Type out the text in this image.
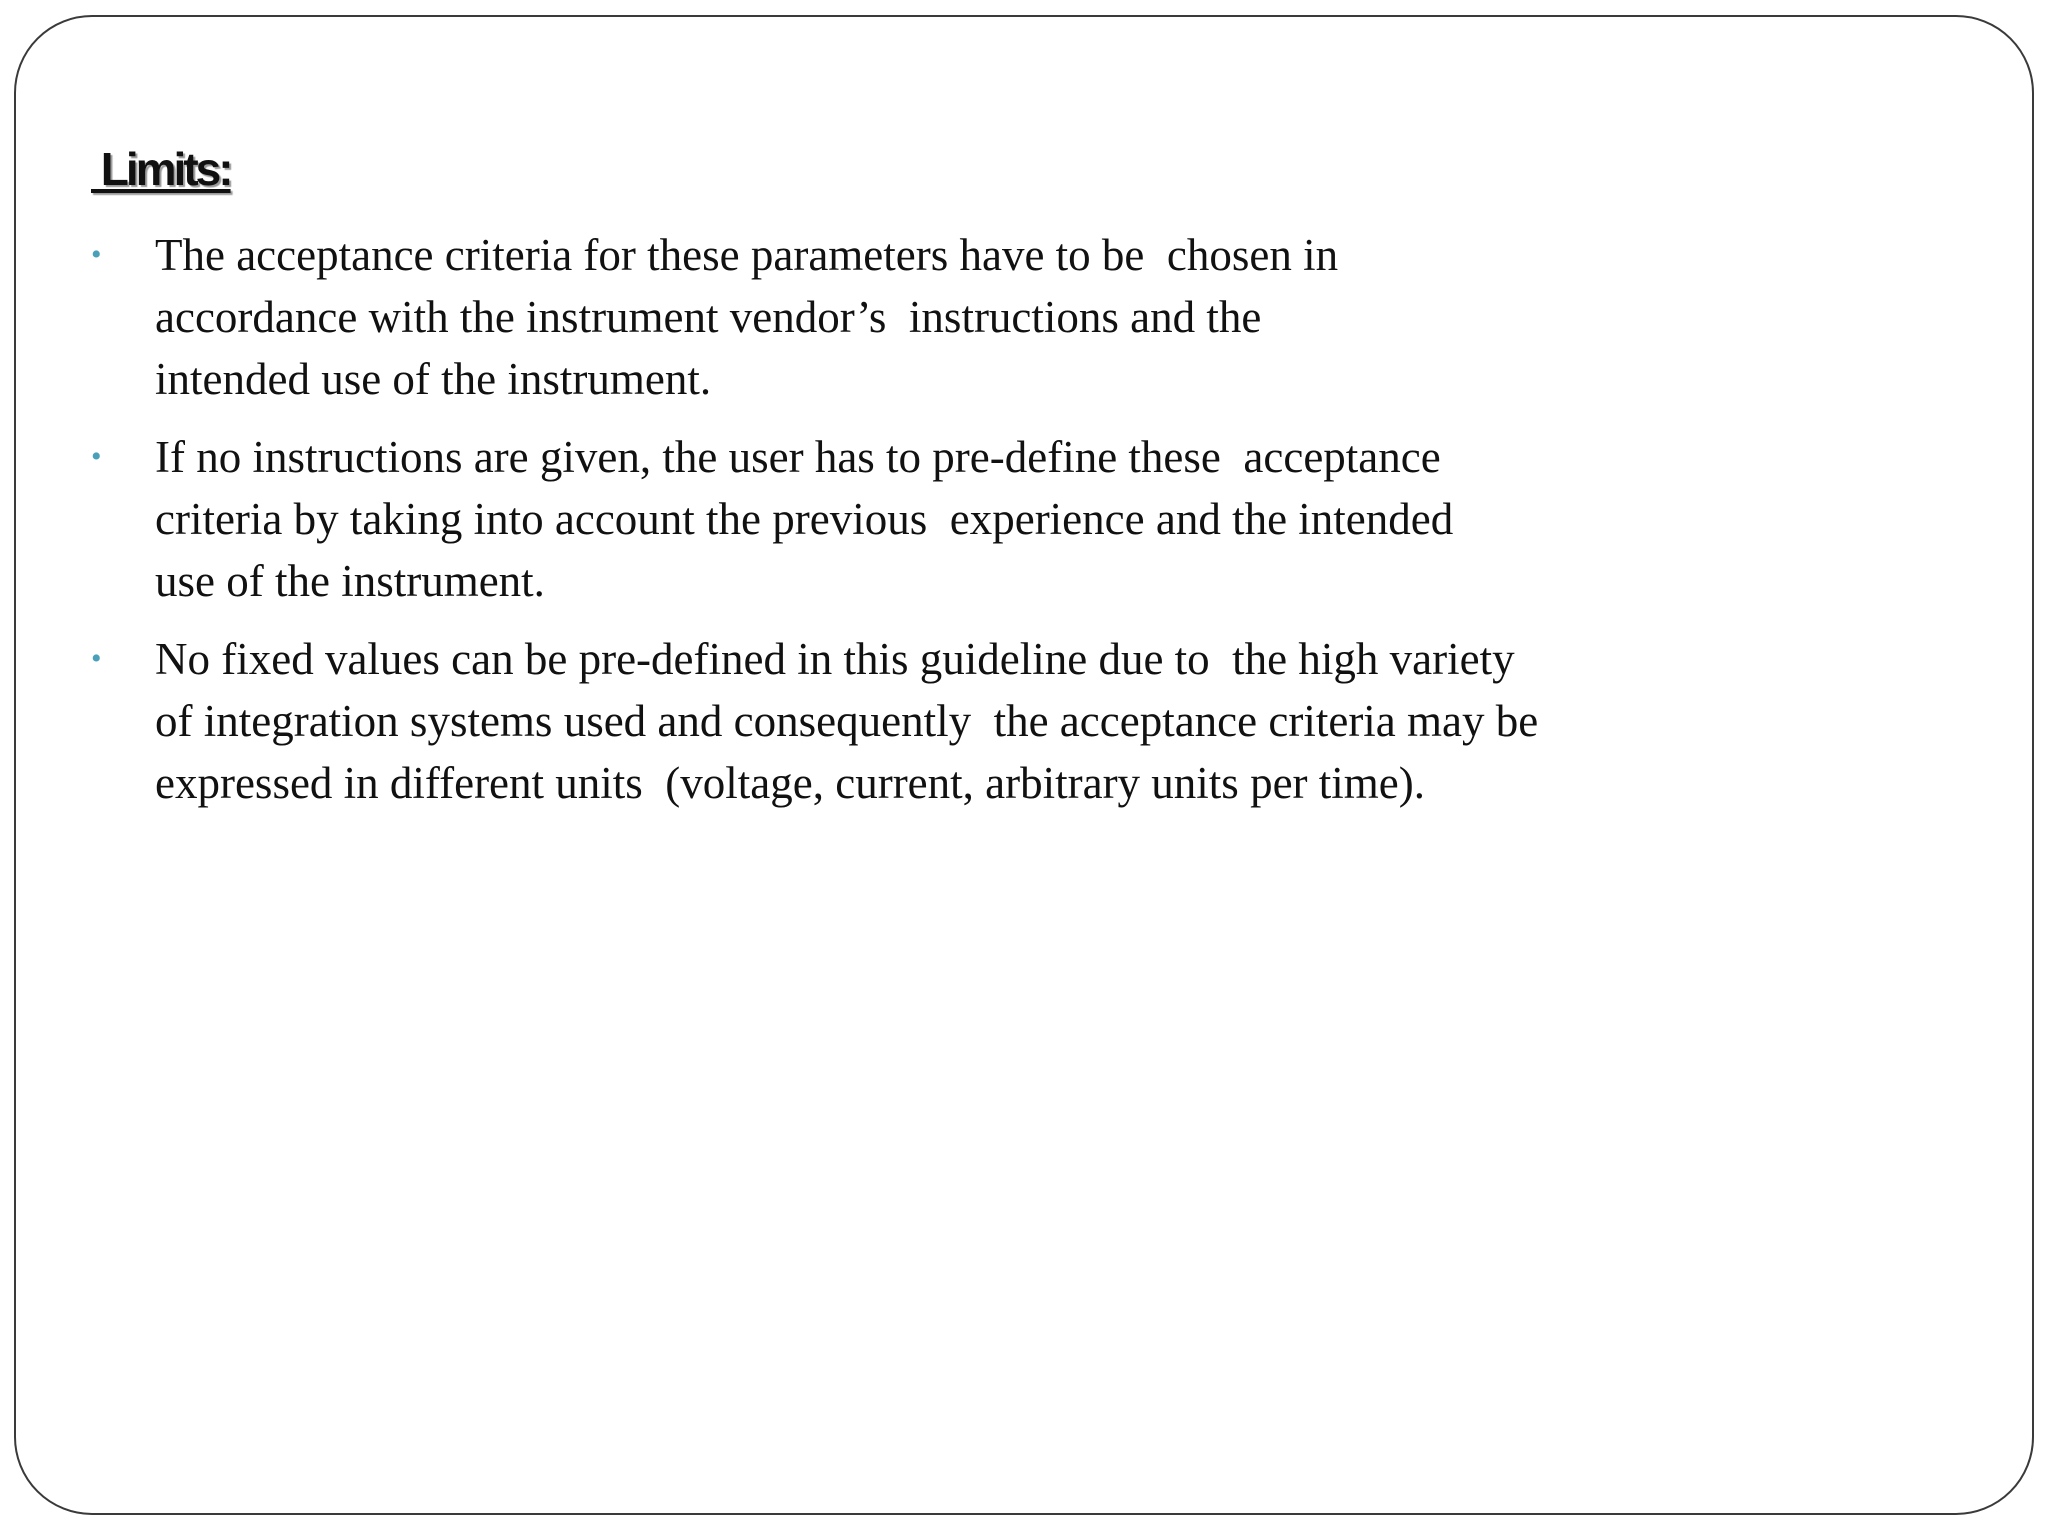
Limits:
• The acceptance criteria for these parameters have to be  chosen in
accordance with the instrument vendor’s  instructions and the
intended use of the instrument.
• If no instructions are given, the user has to pre-define these  acceptance
criteria by taking into account the previous  experience and the intended
use of the instrument.
• No fixed values can be pre-defined in this guideline due to  the high variety
of integration systems used and consequently  the acceptance criteria may be
expressed in different units  (voltage, current, arbitrary units per time).
